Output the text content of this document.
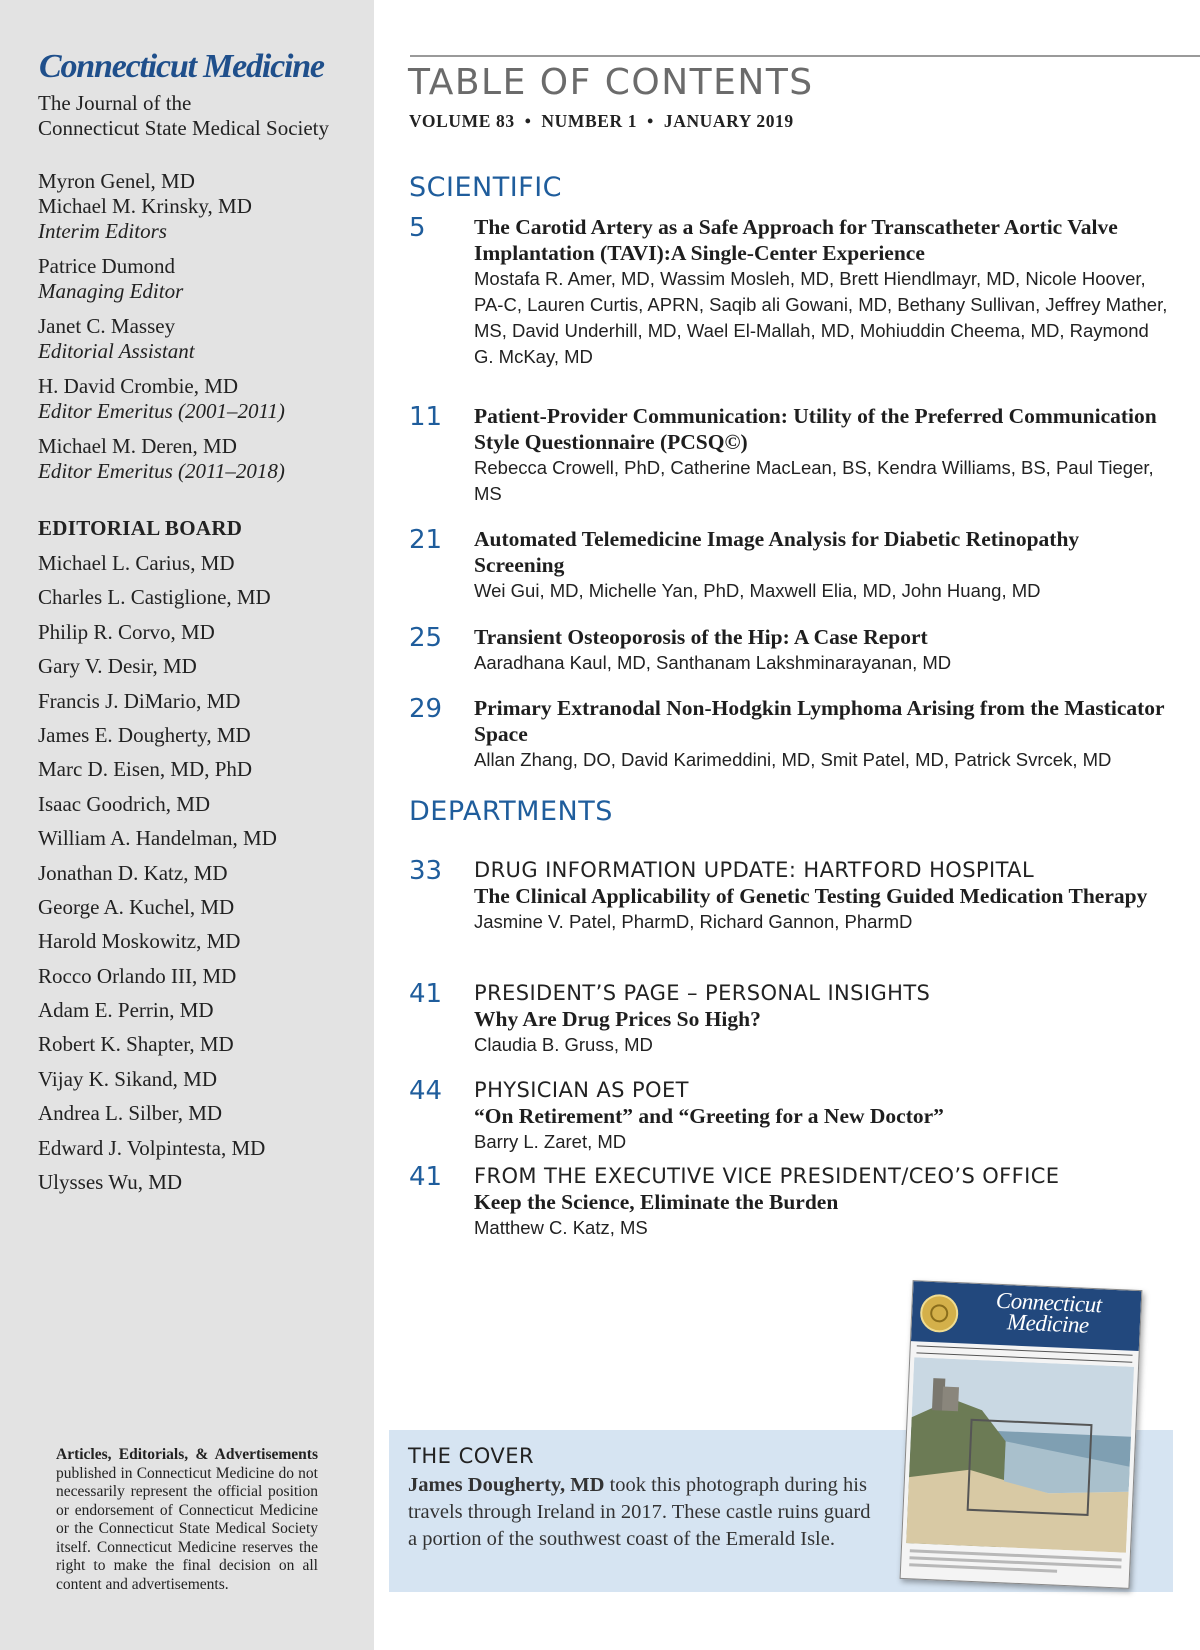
Connecticut Medicine
The Journal of the
Connecticut State Medical Society
Myron Genel, MD
Michael M. Krinsky, MD
Interim Editors
Patrice Dumond
Managing Editor
Janet C. Massey
Editorial Assistant
H. David Crombie, MD
Editor Emeritus (2001–2011)
Michael M. Deren, MD
Editor Emeritus (2011–2018)
EDITORIAL BOARD
Michael L. Carius, MD
Charles L. Castiglione, MD
Philip R. Corvo, MD
Gary V. Desir, MD
Francis J. DiMario, MD
James E. Dougherty, MD
Marc D. Eisen, MD, PhD
Isaac Goodrich, MD
William A. Handelman, MD
Jonathan D. Katz, MD
George A. Kuchel, MD
Harold Moskowitz, MD
Rocco Orlando III, MD
Adam E. Perrin, MD
Robert K. Shapter, MD
Vijay K. Sikand, MD
Andrea L. Silber, MD
Edward J. Volpintesta, MD
Ulysses Wu, MD
Articles, Editorials, & Advertisements published in Connecticut Medicine do not necessarily represent the official position or endorsement of Connecticut Medicine or the Connecticut State Medical Society itself. Connecticut Medicine reserves the right to make the final decision on all content and advertisements.
TABLE OF CONTENTS
VOLUME 83 • NUMBER 1 • JANUARY 2019
SCIENTIFIC
5 The Carotid Artery as a Safe Approach for Transcatheter Aortic Valve Implantation (TAVI):A Single-Center Experience
Mostafa R. Amer, MD, Wassim Mosleh, MD, Brett Hiendlmayr, MD, Nicole Hoover, PA-C, Lauren Curtis, APRN, Saqib ali Gowani, MD, Bethany Sullivan, Jeffrey Mather, MS, David Underhill, MD, Wael El-Mallah, MD, Mohiuddin Cheema, MD, Raymond G. McKay, MD
11 Patient-Provider Communication: Utility of the Preferred Communication Style Questionnaire (PCSQ©)
Rebecca Crowell, PhD, Catherine MacLean, BS, Kendra Williams, BS, Paul Tieger, MS
21 Automated Telemedicine Image Analysis for Diabetic Retinopathy Screening
Wei Gui, MD, Michelle Yan, PhD, Maxwell Elia, MD, John Huang, MD
25 Transient Osteoporosis of the Hip: A Case Report
Aaradhana Kaul, MD, Santhanam Lakshminarayanan, MD
29 Primary Extranodal Non-Hodgkin Lymphoma Arising from the Masticator Space
Allan Zhang, DO, David Karimeddini, MD, Smit Patel, MD, Patrick Svrcek, MD
DEPARTMENTS
33 DRUG INFORMATION UPDATE: HARTFORD HOSPITAL
The Clinical Applicability of Genetic Testing Guided Medication Therapy
Jasmine V. Patel, PharmD, Richard Gannon, PharmD
41 PRESIDENT’S PAGE – PERSONAL INSIGHTS
Why Are Drug Prices So High?
Claudia B. Gruss, MD
44 PHYSICIAN AS POET
“On Retirement” and “Greeting for a New Doctor”
Barry L. Zaret, MD
41 FROM THE EXECUTIVE VICE PRESIDENT/CEO’S OFFICE
Keep the Science, Eliminate the Burden
Matthew C. Katz, MS
THE COVER
James Dougherty, MD took this photograph during his travels through Ireland in 2017. These castle ruins guard a portion of the southwest coast of the Emerald Isle.
Connecticut
Medicine
